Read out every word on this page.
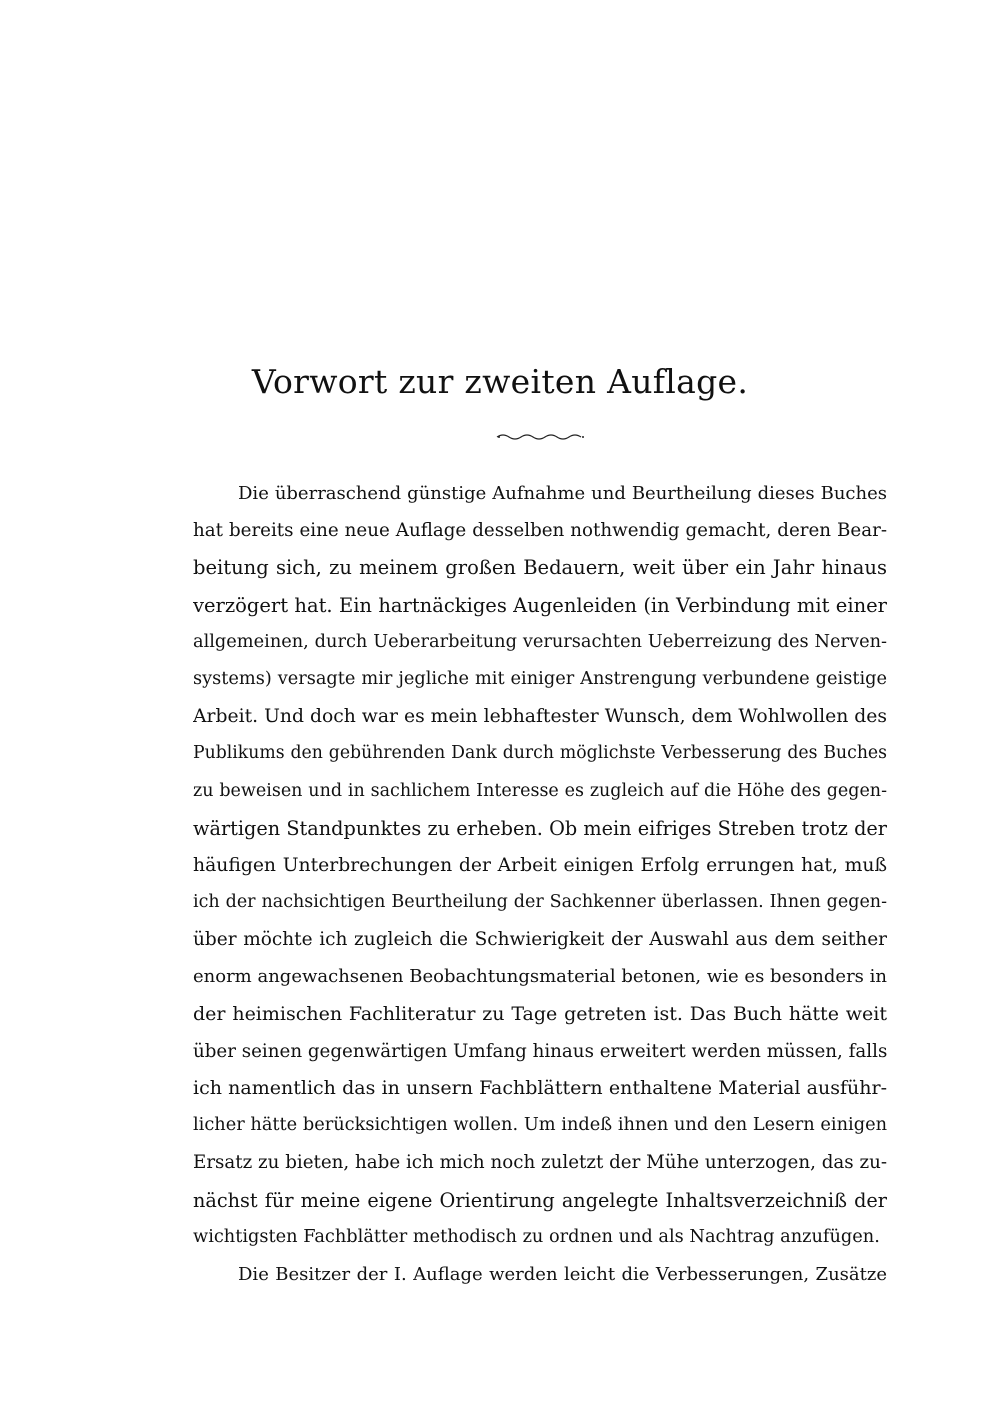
Vorwort zur zweiten Auflage.
Die überraschend günstige Aufnahme und Beurtheilung dieses Buches
hat bereits eine neue Auflage desselben nothwendig gemacht, deren Bear-
beitung sich, zu meinem großen Bedauern, weit über ein Jahr hinaus
verzögert hat. Ein hartnäckiges Augenleiden (in Verbindung mit einer
allgemeinen, durch Ueberarbeitung verursachten Ueberreizung des Nerven-
systems) versagte mir jegliche mit einiger Anstrengung verbundene geistige
Arbeit. Und doch war es mein lebhaftester Wunsch, dem Wohlwollen des
Publikums den gebührenden Dank durch möglichste Verbesserung des Buches
zu beweisen und in sachlichem Interesse es zugleich auf die Höhe des gegen-
wärtigen Standpunktes zu erheben. Ob mein eifriges Streben trotz der
häufigen Unterbrechungen der Arbeit einigen Erfolg errungen hat, muß
ich der nachsichtigen Beurtheilung der Sachkenner überlassen. Ihnen gegen-
über möchte ich zugleich die Schwierigkeit der Auswahl aus dem seither
enorm angewachsenen Beobachtungsmaterial betonen, wie es besonders in
der heimischen Fachliteratur zu Tage getreten ist. Das Buch hätte weit
über seinen gegenwärtigen Umfang hinaus erweitert werden müssen, falls
ich namentlich das in unsern Fachblättern enthaltene Material ausführ-
licher hätte berücksichtigen wollen. Um indeß ihnen und den Lesern einigen
Ersatz zu bieten, habe ich mich noch zuletzt der Mühe unterzogen, das zu-
nächst für meine eigene Orientirung angelegte Inhaltsverzeichniß der
wichtigsten Fachblätter methodisch zu ordnen und als Nachtrag anzufügen.
Die Besitzer der I. Auflage werden leicht die Verbesserungen, Zusätze
